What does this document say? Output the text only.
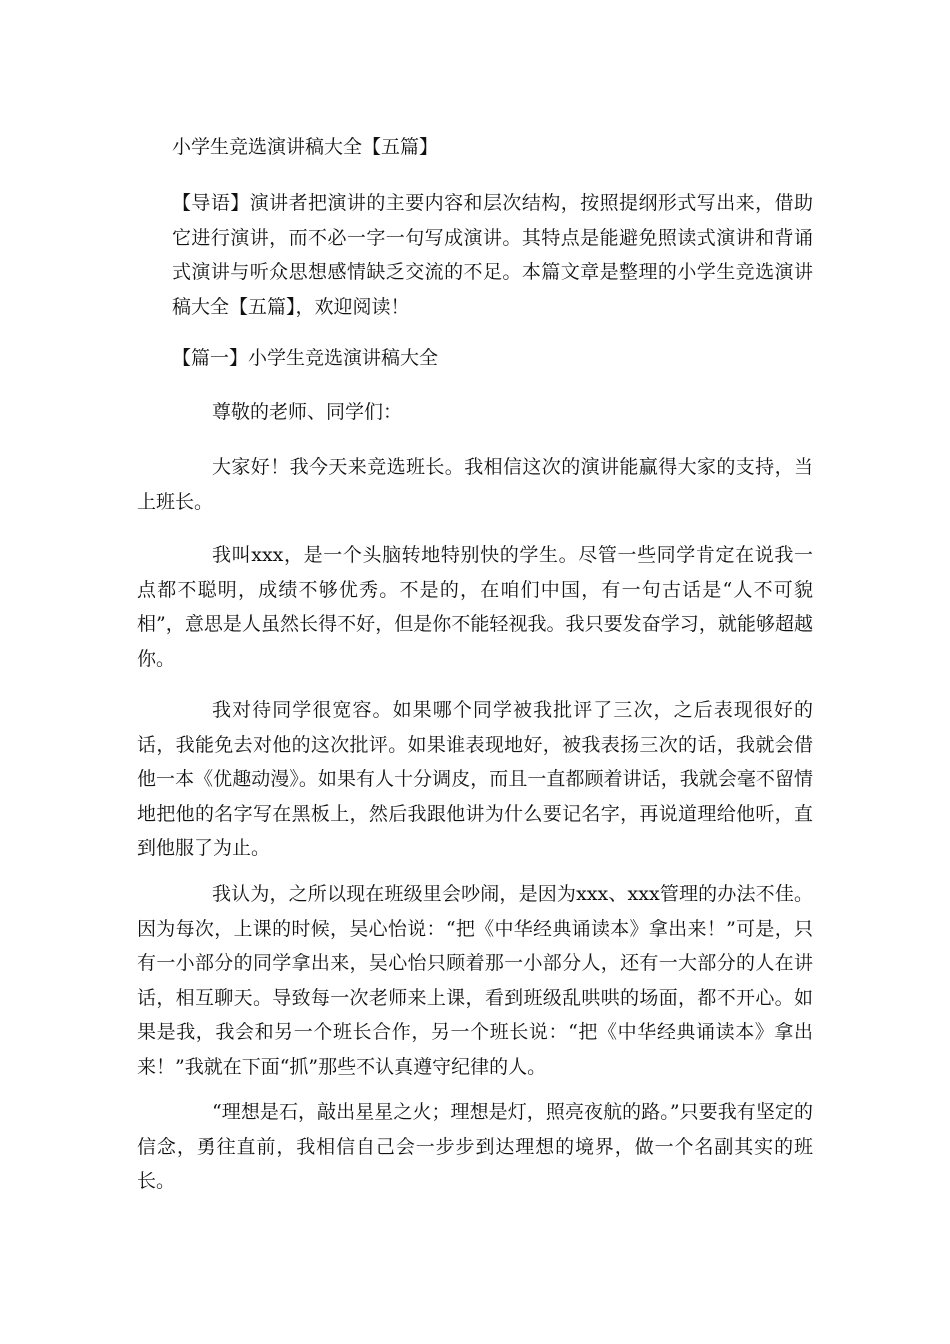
小学生竞选演讲稿大全【五篇】

【导语】演讲者把演讲的主要内容和层次结构，按照提纲形式写出来，借助它进行演讲，而不必一字一句写成演讲。其特点是能避免照读式演讲和背诵式演讲与听众思想感情缺乏交流的不足。本篇文章是整理的小学生竞选演讲稿大全【五篇】，欢迎阅读！

【篇一】小学生竞选演讲稿大全
尊敬的老师、同学们：

大家好！我今天来竞选班长。我相信这次的演讲能赢得大家的支持，当上班长。

我叫xxx，是一个头脑转地特别快的学生。尽管一些同学肯定在说我一点都不聪明，成绩不够优秀。不是的，在咱们中国，有一句古话是“人不可貌相”，意思是人虽然长得不好，但是你不能轻视我。我只要发奋学习，就能够超越你。

我对待同学很宽容。如果哪个同学被我批评了三次，之后表现很好的话，我能免去对他的这次批评。如果谁表现地好，被我表扬三次的话，我就会借他一本《优趣动漫》。如果有人十分调皮，而且一直都顾着讲话，我就会毫不留情地把他的名字写在黑板上，然后我跟他讲为什么要记名字，再说道理给他听，直到他服了为止。

我认为，之所以现在班级里会吵闹，是因为xxx、xxx管理的办法不佳。因为每次，上课的时候，吴心怡说：“把《中华经典诵读本》拿出来！”可是，只有一小部分的同学拿出来，吴心怡只顾着那一小部分人，还有一大部分的人在讲话，相互聊天。导致每一次老师来上课，看到班级乱哄哄的场面，都不开心。如果是我，我会和另一个班长合作，另一个班长说：“把《中华经典诵读本》拿出来！”我就在下面“抓”那些不认真遵守纪律的人。

“理想是石，敲出星星之火；理想是灯，照亮夜航的路。”只要我有坚定的信念，勇往直前，我相信自己会一步步到达理想的境界，做一个名副其实的班长。
